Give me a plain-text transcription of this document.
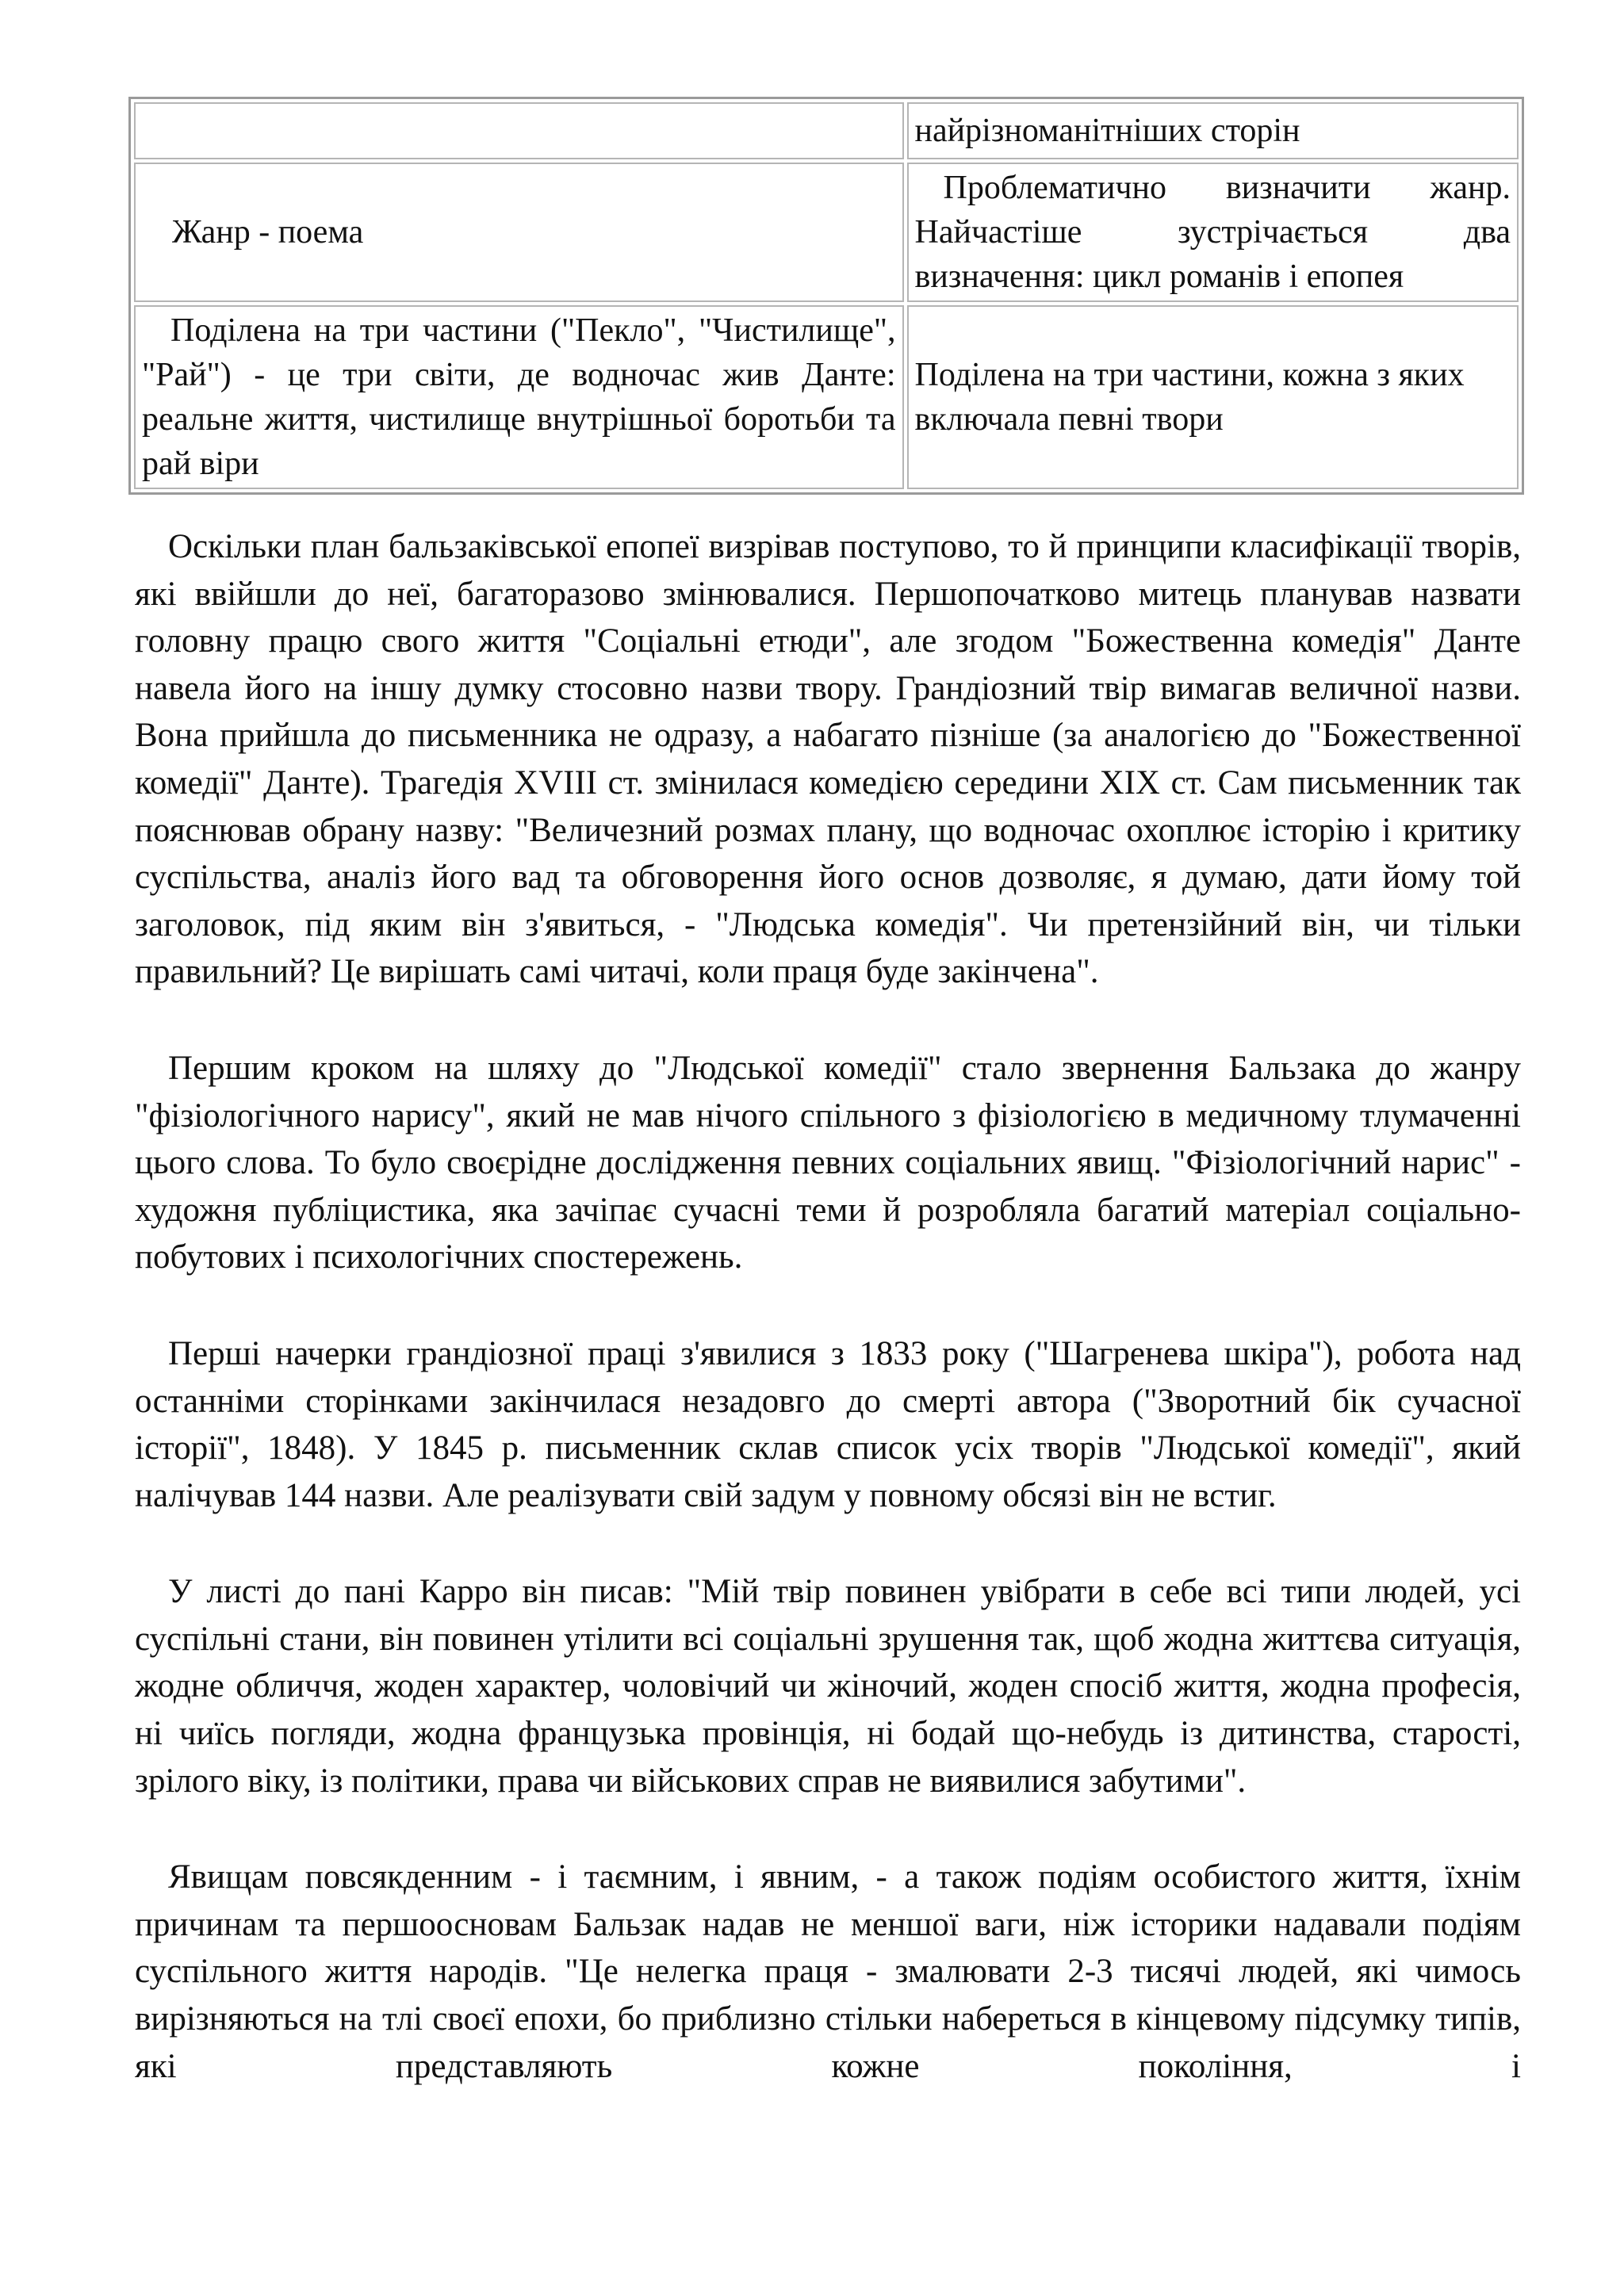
	найрізноманітніших сторін
Жанр - поема	Проблематично визначити жанр. Найчастіше зустрічається два визначення: цикл романів і епопея
Поділена на три частини ("Пекло", "Чистилище", "Рай") - це три світи, де водночас жив Данте: реальне життя, чистилище внутрішньої боротьби та рай віри	Поділена на три частини, кожна з яких включала певні твори

Оскільки план бальзаківської епопеї визрівав поступово, то й принципи класифікації творів, які ввійшли до неї, багаторазово змінювалися. Першопочатково митець планував назвати головну працю свого життя "Соціальні етюди", але згодом "Божественна комедія" Данте навела його на іншу думку стосовно назви твору. Грандіозний твір вимагав величної назви. Вона прийшла до письменника не одразу, а набагато пізніше (за аналогією до "Божественної комедії" Данте). Трагедія XVIII ст. змінилася комедією середини XIX ст. Сам письменник так пояснював обрану назву: "Величезний розмах плану, що водночас охоплює історію і критику суспільства, аналіз його вад та обговорення його основ дозволяє, я думаю, дати йому той заголовок, під яким він з'явиться, - "Людська комедія". Чи претензійний він, чи тільки правильний? Це вирішать самі читачі, коли праця буде закінчена".

Першим кроком на шляху до "Людської комедії" стало звернення Бальзака до жанру "фізіологічного нарису", який не мав нічого спільного з фізіологією в медичному тлумаченні цього слова. То було своєрідне дослідження певних соціальних явищ. "Фізіологічний нарис" - художня публіцистика, яка зачіпає сучасні теми й розробляла багатий матеріал соціально-побутових і психологічних спостережень.

Перші начерки грандіозної праці з'явилися з 1833 року ("Шагренева шкіра"), робота над останніми сторінками закінчилася незадовго до смерті автора ("Зворотний бік сучасної історії", 1848). У 1845 р. письменник склав список усіх творів "Людської комедії", який налічував 144 назви. Але реалізувати свій задум у повному обсязі він не встиг.

У листі до пані Карро він писав: "Мій твір повинен увібрати в себе всі типи людей, усі суспільні стани, він повинен утілити всі соціальні зрушення так, щоб жодна життєва ситуація, жодне обличчя, жоден характер, чоловічий чи жіночий, жоден спосіб життя, жодна професія, ні чиїсь погляди, жодна французька провінція, ні бодай що-небудь із дитинства, старості, зрілого віку, із політики, права чи військових справ не виявилися забутими".

Явищам повсякденним - і таємним, і явним, - а також подіям особистого життя, їхнім причинам та першоосновам Бальзак надав не меншої ваги, ніж історики надавали подіям суспільного життя народів. "Це нелегка праця - змалювати 2-3 тисячі людей, які чимось вирізняються на тлі своєї епохи, бо приблизно стільки набереться в кінцевому підсумку типів, які представляють кожне покоління, і
